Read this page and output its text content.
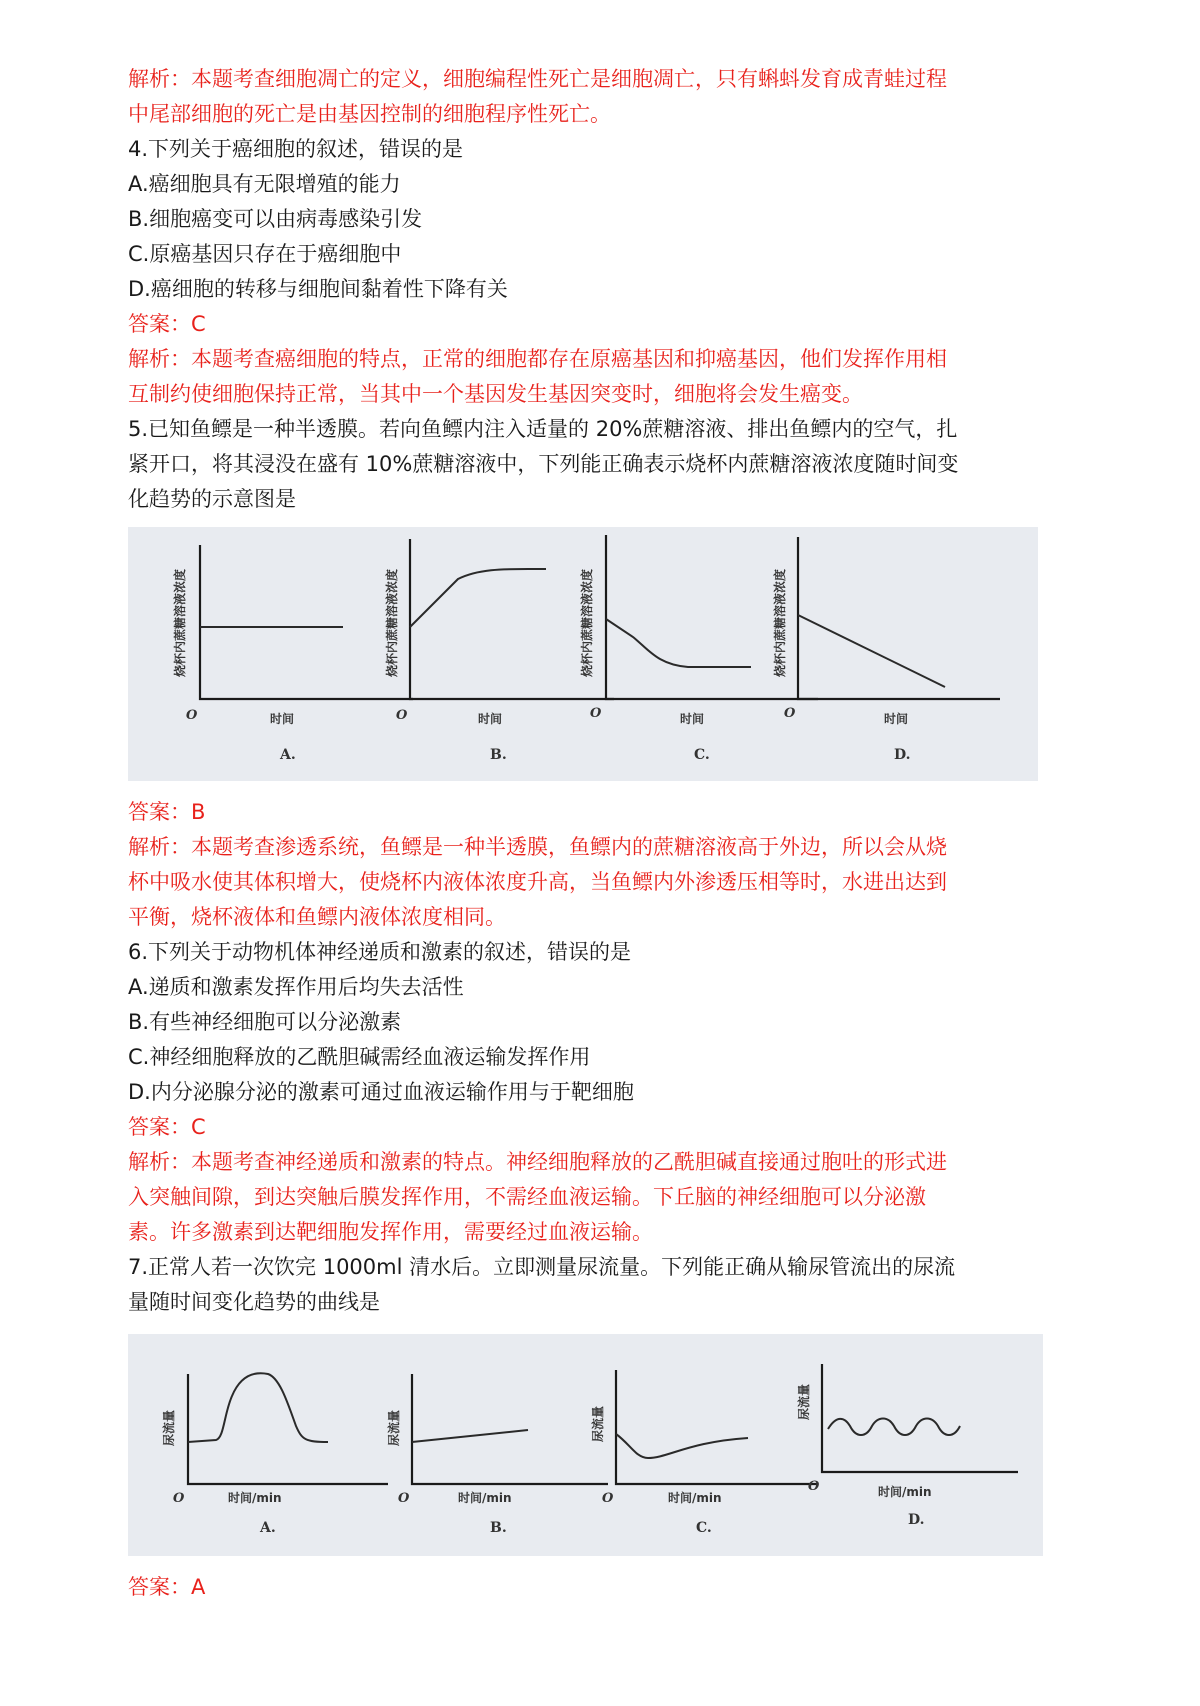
解析：本题考查细胞凋亡的定义，细胞编程性死亡是细胞凋亡，只有蝌蚪发育成青蛙过程
中尾部细胞的死亡是由基因控制的细胞程序性死亡。
4.下列关于癌细胞的叙述，错误的是
A.癌细胞具有无限增殖的能力
B.细胞癌变可以由病毒感染引发
C.原癌基因只存在于癌细胞中
D.癌细胞的转移与细胞间黏着性下降有关
答案：C
解析：本题考查癌细胞的特点，正常的细胞都存在原癌基因和抑癌基因，他们发挥作用相
互制约使细胞保持正常，当其中一个基因发生基因突变时，细胞将会发生癌变。
5.已知鱼鳔是一种半透膜。若向鱼鳔内注入适量的 20%蔗糖溶液、排出鱼鳔内的空气，扎
紧开口，将其浸没在盛有 10%蔗糖溶液中，下列能正确表示烧杯内蔗糖溶液浓度随时间变
化趋势的示意图是
烧杯内蔗糖溶液浓度
O	时间
A.
烧杯内蔗糖溶液浓度
O	时间
B.
烧杯内蔗糖溶液浓度
O	时间
C.
烧杯内蔗糖溶液浓度
O	时间
D.
答案：B
解析：本题考查渗透系统，鱼鳔是一种半透膜，鱼鳔内的蔗糖溶液高于外边，所以会从烧
杯中吸水使其体积增大，使烧杯内液体浓度升高，当鱼鳔内外渗透压相等时，水进出达到
平衡，烧杯液体和鱼鳔内液体浓度相同。
6.下列关于动物机体神经递质和激素的叙述，错误的是
A.递质和激素发挥作用后均失去活性
B.有些神经细胞可以分泌激素
C.神经细胞释放的乙酰胆碱需经血液运输发挥作用
D.内分泌腺分泌的激素可通过血液运输作用与于靶细胞
答案：C
解析：本题考查神经递质和激素的特点。神经细胞释放的乙酰胆碱直接通过胞吐的形式进
入突触间隙，到达突触后膜发挥作用，不需经血液运输。下丘脑的神经细胞可以分泌激
素。许多激素到达靶细胞发挥作用，需要经过血液运输。
7.正常人若一次饮完 1000ml 清水后。立即测量尿流量。下列能正确从输尿管流出的尿流
量随时间变化趋势的曲线是
尿流量
O	时间/min
A.
尿流量
O	时间/min
B.
尿流量
O	时间/min
C.
尿流量
O	时间/min
D.
答案：A
